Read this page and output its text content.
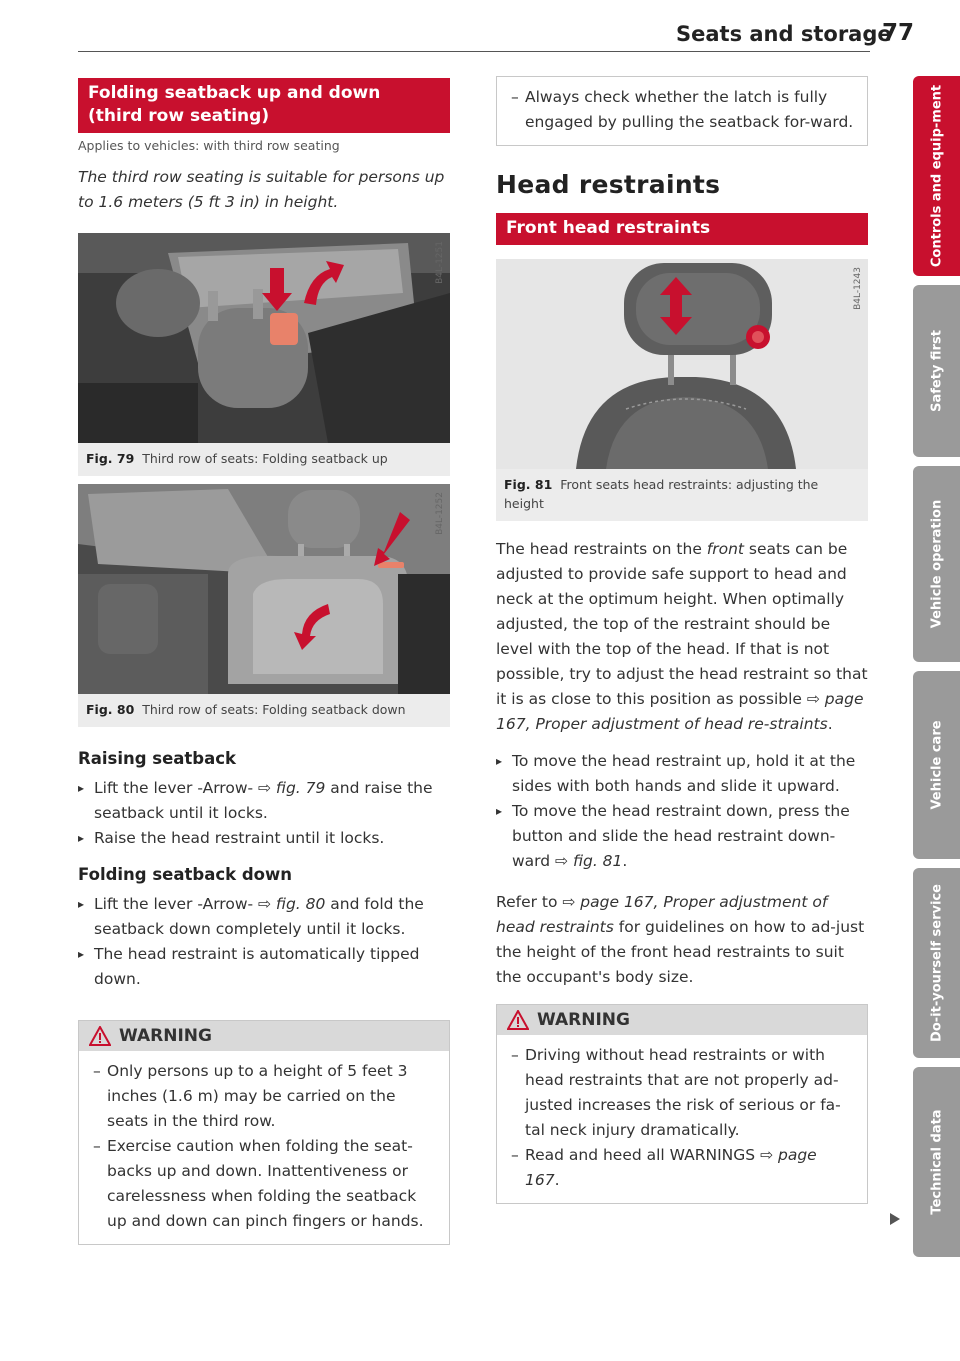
Seats and storage
77
Folding seatback up and down (third row seating)
Applies to vehicles: with third row seating
The third row seating is suitable for persons up to 1.6 meters (5 ft 3 in) in height.
B4L-1251
Fig. 79 Third row of seats: Folding seatback up
B4L-1252
Fig. 80 Third row of seats: Folding seatback down
Raising seatback
▸ Lift the lever -Arrow- ⇨ fig. 79 and raise the seatback until it locks.
▸ Raise the head restraint until it locks.
Folding seatback down
▸ Lift the lever -Arrow- ⇨ fig. 80 and fold the seatback down completely until it locks.
▸ The head restraint is automatically tipped down.
WARNING
– Only persons up to a height of 5 feet 3 inches (1.6 m) may be carried on the seats in the third row.
– Exercise caution when folding the seat-backs up and down. Inattentiveness or carelessness when folding the seatback up and down can pinch fingers or hands.
– Always check whether the latch is fully engaged by pulling the seatback for-ward.
Head restraints
Front head restraints
B4L-1243
Fig. 81 Front seats head restraints: adjusting the height
The head restraints on the front seats can be adjusted to provide safe support to head and neck at the optimum height. When optimally adjusted, the top of the restraint should be level with the top of the head. If that is not possible, try to adjust the head restraint so that it is as close to this position as possible ⇨ page 167, Proper adjustment of head re-straints.
▸ To move the head restraint up, hold it at the sides with both hands and slide it upward.
▸ To move the head restraint down, press the button and slide the head restraint down-ward ⇨ fig. 81.
Refer to ⇨ page 167, Proper adjustment of head restraints for guidelines on how to ad-just the height of the front head restraints to suit the occupant's body size.
WARNING
– Driving without head restraints or with head restraints that are not properly ad-justed increases the risk of serious or fa-tal neck injury dramatically.
– Read and heed all WARNINGS ⇨ page 167.
Controls and equip-ment
Safety first
Vehicle operation
Vehicle care
Do-it-yourself service
Technical data
